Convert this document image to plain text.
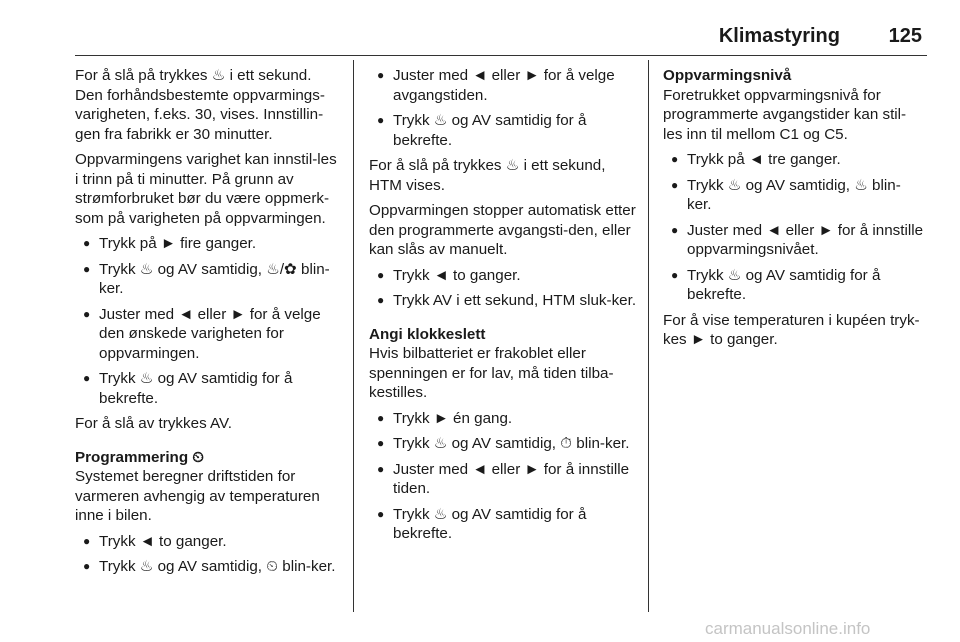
Klimastyring	125

For å slå på trykkes ♨ i ett sekund. Den forhåndsbestemte oppvarmings-varigheten, f.eks. 30, vises. Innstillin-gen fra fabrikk er 30 minutter.

Oppvarmingens varighet kan innstil-les i trinn på ti minutter. På grunn av strømforbruket bør du være oppmerk-som på varigheten på oppvarmingen.

● Trykk på ► fire ganger.
● Trykk ♨ og AV samtidig, ♨/✿ blin-ker.
● Juster med ◄ eller ► for å velge den ønskede varigheten for oppvarmingen.
● Trykk ♨ og AV samtidig for å bekrefte.

For å slå av trykkes AV.

Programmering ⏲

Systemet beregner driftstiden for varmeren avhengig av temperaturen inne i bilen.

● Trykk ◄ to ganger.
● Trykk ♨ og AV samtidig, ⏲ blin-ker.
● Juster med ◄ eller ► for å velge avgangstiden.
● Trykk ♨ og AV samtidig for å bekrefte.

For å slå på trykkes ♨ i ett sekund, HTM vises.

Oppvarmingen stopper automatisk etter den programmerte avgangsti-den, eller kan slås av manuelt.

● Trykk ◄ to ganger.
● Trykk AV i ett sekund, HTM sluk-ker.
Angi klokkeslett

Hvis bilbatteriet er frakoblet eller spenningen er for lav, må tiden tilba-kestilles.

● Trykk ► én gang.
● Trykk ♨ og AV samtidig, ⏱ blin-ker.
● Juster med ◄ eller ► for å innstille tiden.
● Trykk ♨ og AV samtidig for å bekrefte.
Oppvarmingsnivå

Foretrukket oppvarmingsnivå for programmerte avgangstider kan stil-les inn til mellom C1 og C5.

● Trykk på ◄ tre ganger.
● Trykk ♨ og AV samtidig, ♨ blin-ker.
● Juster med ◄ eller ► for å innstille oppvarmingsnivået.
● Trykk ♨ og AV samtidig for å bekrefte.

For å vise temperaturen i kupéen tryk-kes ► to ganger.

carmanualsonline.info
